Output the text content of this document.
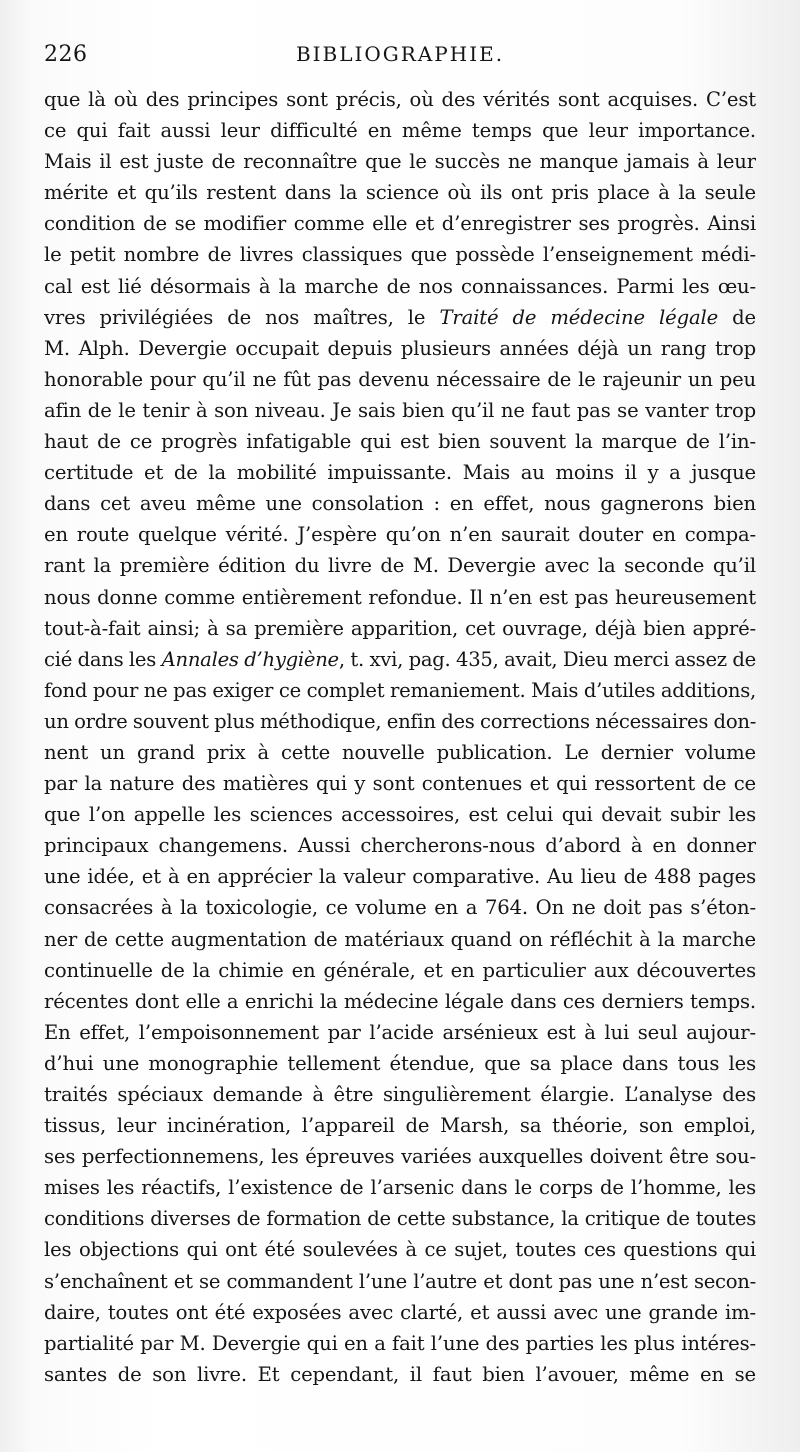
226	BIBLIOGRAPHIE.
que là où des principes sont précis, où des vérités sont acquises. C’est
ce qui fait aussi leur difficulté en même temps que leur importance.
Mais il est juste de reconnaître que le succès ne manque jamais à leur
mérite et qu’ils restent dans la science où ils ont pris place à la seule
condition de se modifier comme elle et d’enregistrer ses progrès. Ainsi
le petit nombre de livres classiques que possède l’enseignement médi-
cal est lié désormais à la marche de nos connaissances. Parmi les œu-
vres privilégiées de nos maîtres, le Traité de médecine légale de
M. Alph. Devergie occupait depuis plusieurs années déjà un rang trop
honorable pour qu’il ne fût pas devenu nécessaire de le rajeunir un peu
afin de le tenir à son niveau. Je sais bien qu’il ne faut pas se vanter trop
haut de ce progrès infatigable qui est bien souvent la marque de l’in-
certitude et de la mobilité impuissante. Mais au moins il y a jusque
dans cet aveu même une consolation : en effet, nous gagnerons bien
en route quelque vérité. J’espère qu’on n’en saurait douter en compa-
rant la première édition du livre de M. Devergie avec la seconde qu’il
nous donne comme entièrement refondue. Il n’en est pas heureusement
tout-à-fait ainsi; à sa première apparition, cet ouvrage, déjà bien appré-
cié dans les Annales d’hygiène, t. xvi, pag. 435, avait, Dieu merci assez de
fond pour ne pas exiger ce complet remaniement. Mais d’utiles additions,
un ordre souvent plus méthodique, enfin des corrections nécessaires don-
nent un grand prix à cette nouvelle publication. Le dernier volume
par la nature des matières qui y sont contenues et qui ressortent de ce
que l’on appelle les sciences accessoires, est celui qui devait subir les
principaux changemens. Aussi chercherons-nous d’abord à en donner
une idée, et à en apprécier la valeur comparative. Au lieu de 488 pages
consacrées à la toxicologie, ce volume en a 764. On ne doit pas s’éton-
ner de cette augmentation de matériaux quand on réfléchit à la marche
continuelle de la chimie en générale, et en particulier aux découvertes
récentes dont elle a enrichi la médecine légale dans ces derniers temps.
En effet, l’empoisonnement par l’acide arsénieux est à lui seul aujour-
d’hui une monographie tellement étendue, que sa place dans tous les
traités spéciaux demande à être singulièrement élargie. L’analyse des
tissus, leur incinération, l’appareil de Marsh, sa théorie, son emploi,
ses perfectionnemens, les épreuves variées auxquelles doivent être sou-
mises les réactifs, l’existence de l’arsenic dans le corps de l’homme, les
conditions diverses de formation de cette substance, la critique de toutes
les objections qui ont été soulevées à ce sujet, toutes ces questions qui
s’enchaînent et se commandent l’une l’autre et dont pas une n’est secon-
daire, toutes ont été exposées avec clarté, et aussi avec une grande im-
partialité par M. Devergie qui en a fait l’une des parties les plus intéres-
santes de son livre. Et cependant, il faut bien l’avouer, même en se
